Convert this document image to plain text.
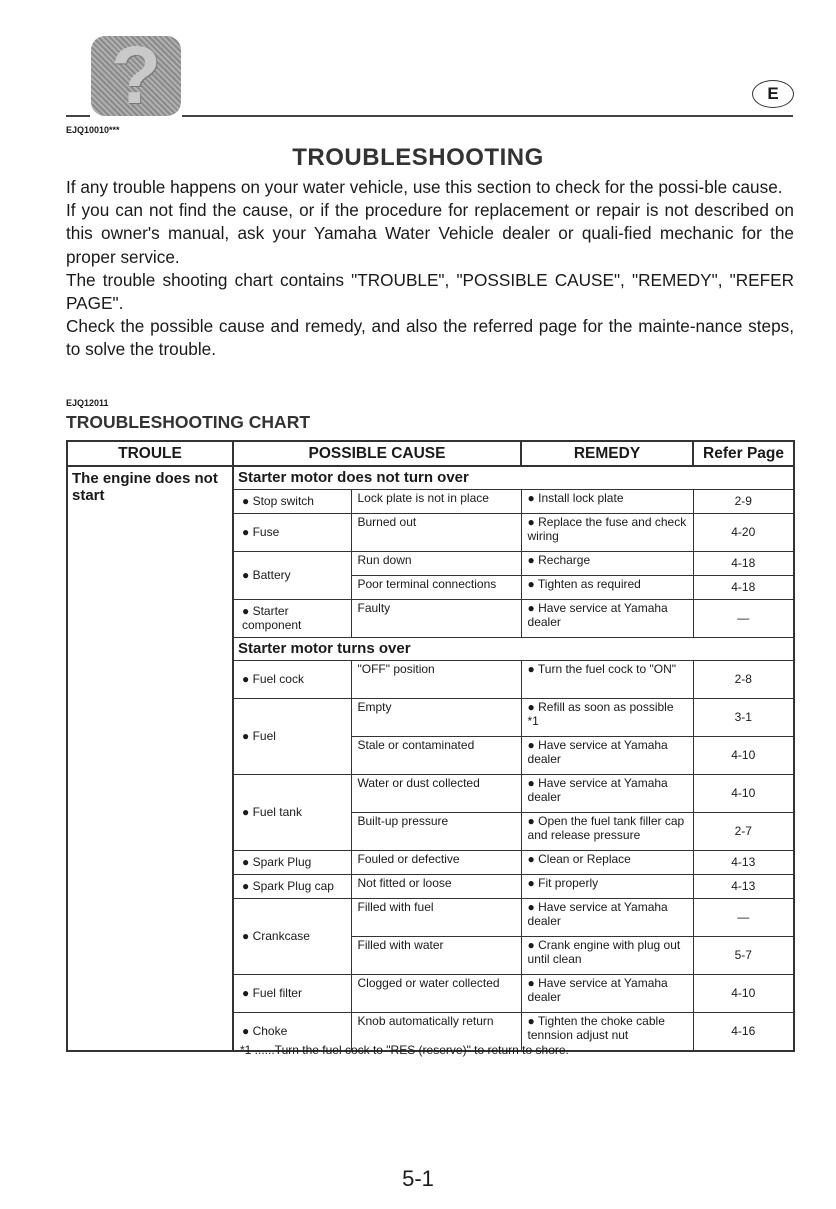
?	E
EJQ10010***
TROUBLESHOOTING

If any trouble happens on your water vehicle, use this section to check for the possi-ble cause.

If you can not find the cause, or if the procedure for replacement or repair is not described on this owner's manual, ask your Yamaha Water Vehicle dealer or quali-fied mechanic for the proper service.

The trouble shooting chart contains "TROUBLE", "POSSIBLE CAUSE", "REMEDY", "REFER PAGE".

Check the possible cause and remedy, and also the referred page for the mainte-nance steps, to solve the trouble.

EJQ12011
TROUBLESHOOTING CHART
TROULE	POSSIBLE CAUSE		REMEDY	Refer Page
The engine does not start	Starter motor does not turn over			
	● Stop switch	Lock plate is not in place	● Install lock plate	2-9
	● Fuse	Burned out	● Replace the fuse and check wiring	4-20
	● Battery	Run down	● Recharge	4-18
		Poor terminal connections	● Tighten as required	4-18
	● Starter component	Faulty	● Have service at Yamaha dealer	—
	Starter motor turns over			
	● Fuel cock	"OFF" position	● Turn the fuel cock to "ON"	2-8
	● Fuel	Empty	● Refill as soon as possible *1	3-1
		Stale or contaminated	● Have service at Yamaha dealer	4-10
	● Fuel tank	Water or dust collected	● Have service at Yamaha dealer	4-10
		Built-up pressure	● Open the fuel tank filler cap and release pressure	2-7
	● Spark Plug	Fouled or defective	● Clean or Replace	4-13
	● Spark Plug cap	Not fitted or loose	● Fit properly	4-13
	● Crankcase	Filled with fuel	● Have service at Yamaha dealer	—
		Filled with water	● Crank engine with plug out until clean	5-7
	● Fuel filter	Clogged or water collected	● Have service at Yamaha dealer	4-10
	● Choke	Knob automatically return	● Tighten the choke cable tennsion adjust nut	4-16
*1 ......Turn the fuel cock to "RES (reserve)" to return to shore.
5-1
